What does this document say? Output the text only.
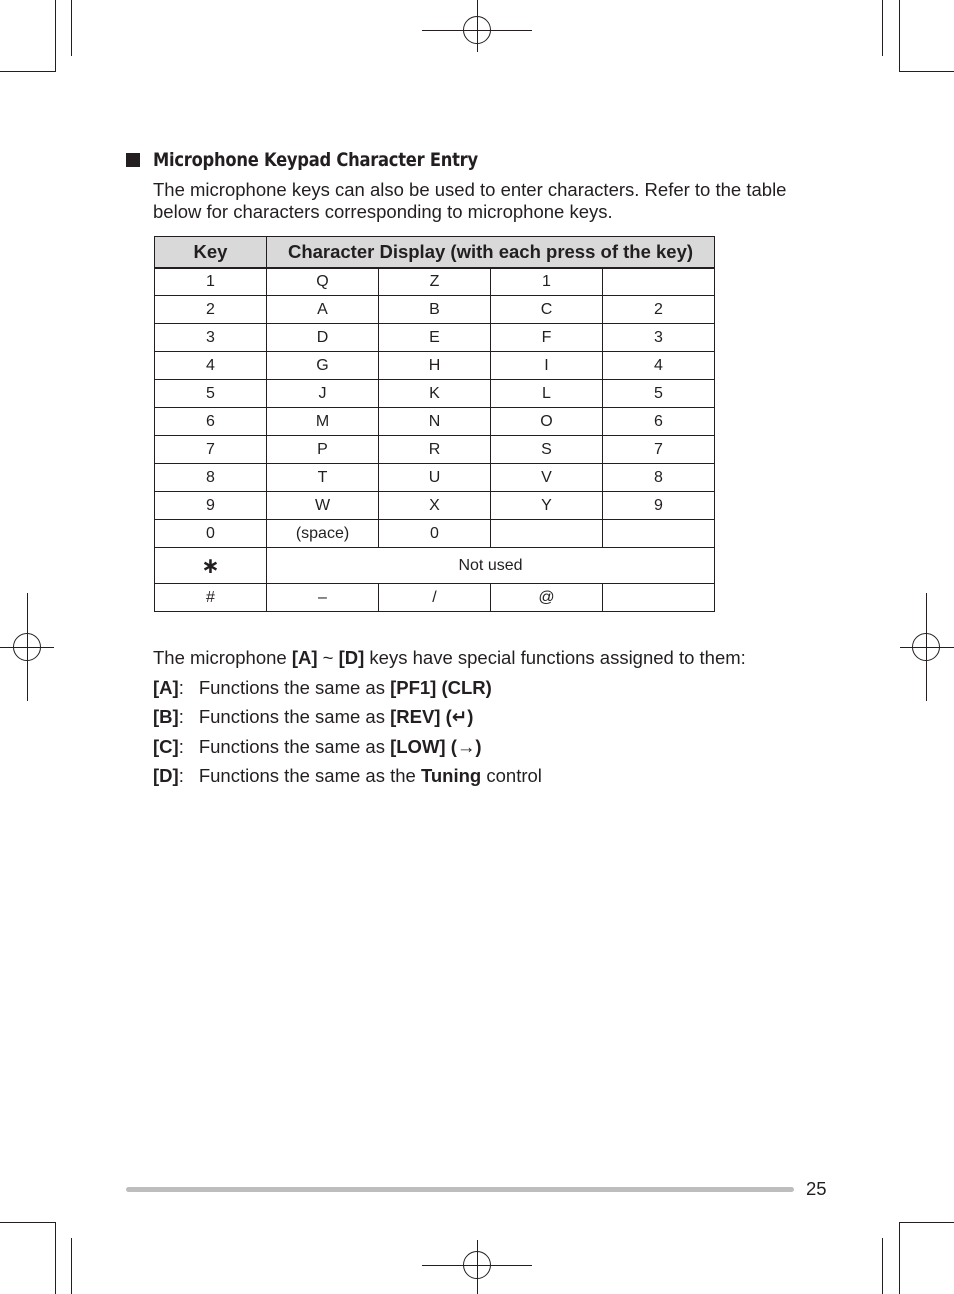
Microphone Keypad Character Entry
The microphone keys can also be used to enter characters. Refer to the table
below for characters corresponding to microphone keys.
Key	Character Display (with each press of the key)			
1	Q	Z	1	
2	A	B	C	2
3	D	E	F	3
4	G	H	I	4
5	J	K	L	5
6	M	N	O	6
7	P	R	S	7
8	T	U	V	8
9	W	X	Y	9
0	(space)	0		
∗	Not used			
#	–	/	@	
The microphone [A] ~ [D] keys have special functions assigned to them:
[A]: Functions the same as [PF1] (CLR)
[B]: Functions the same as [REV] (↵)
[C]: Functions the same as [LOW] (→)
[D]: Functions the same as the Tuning control
25
